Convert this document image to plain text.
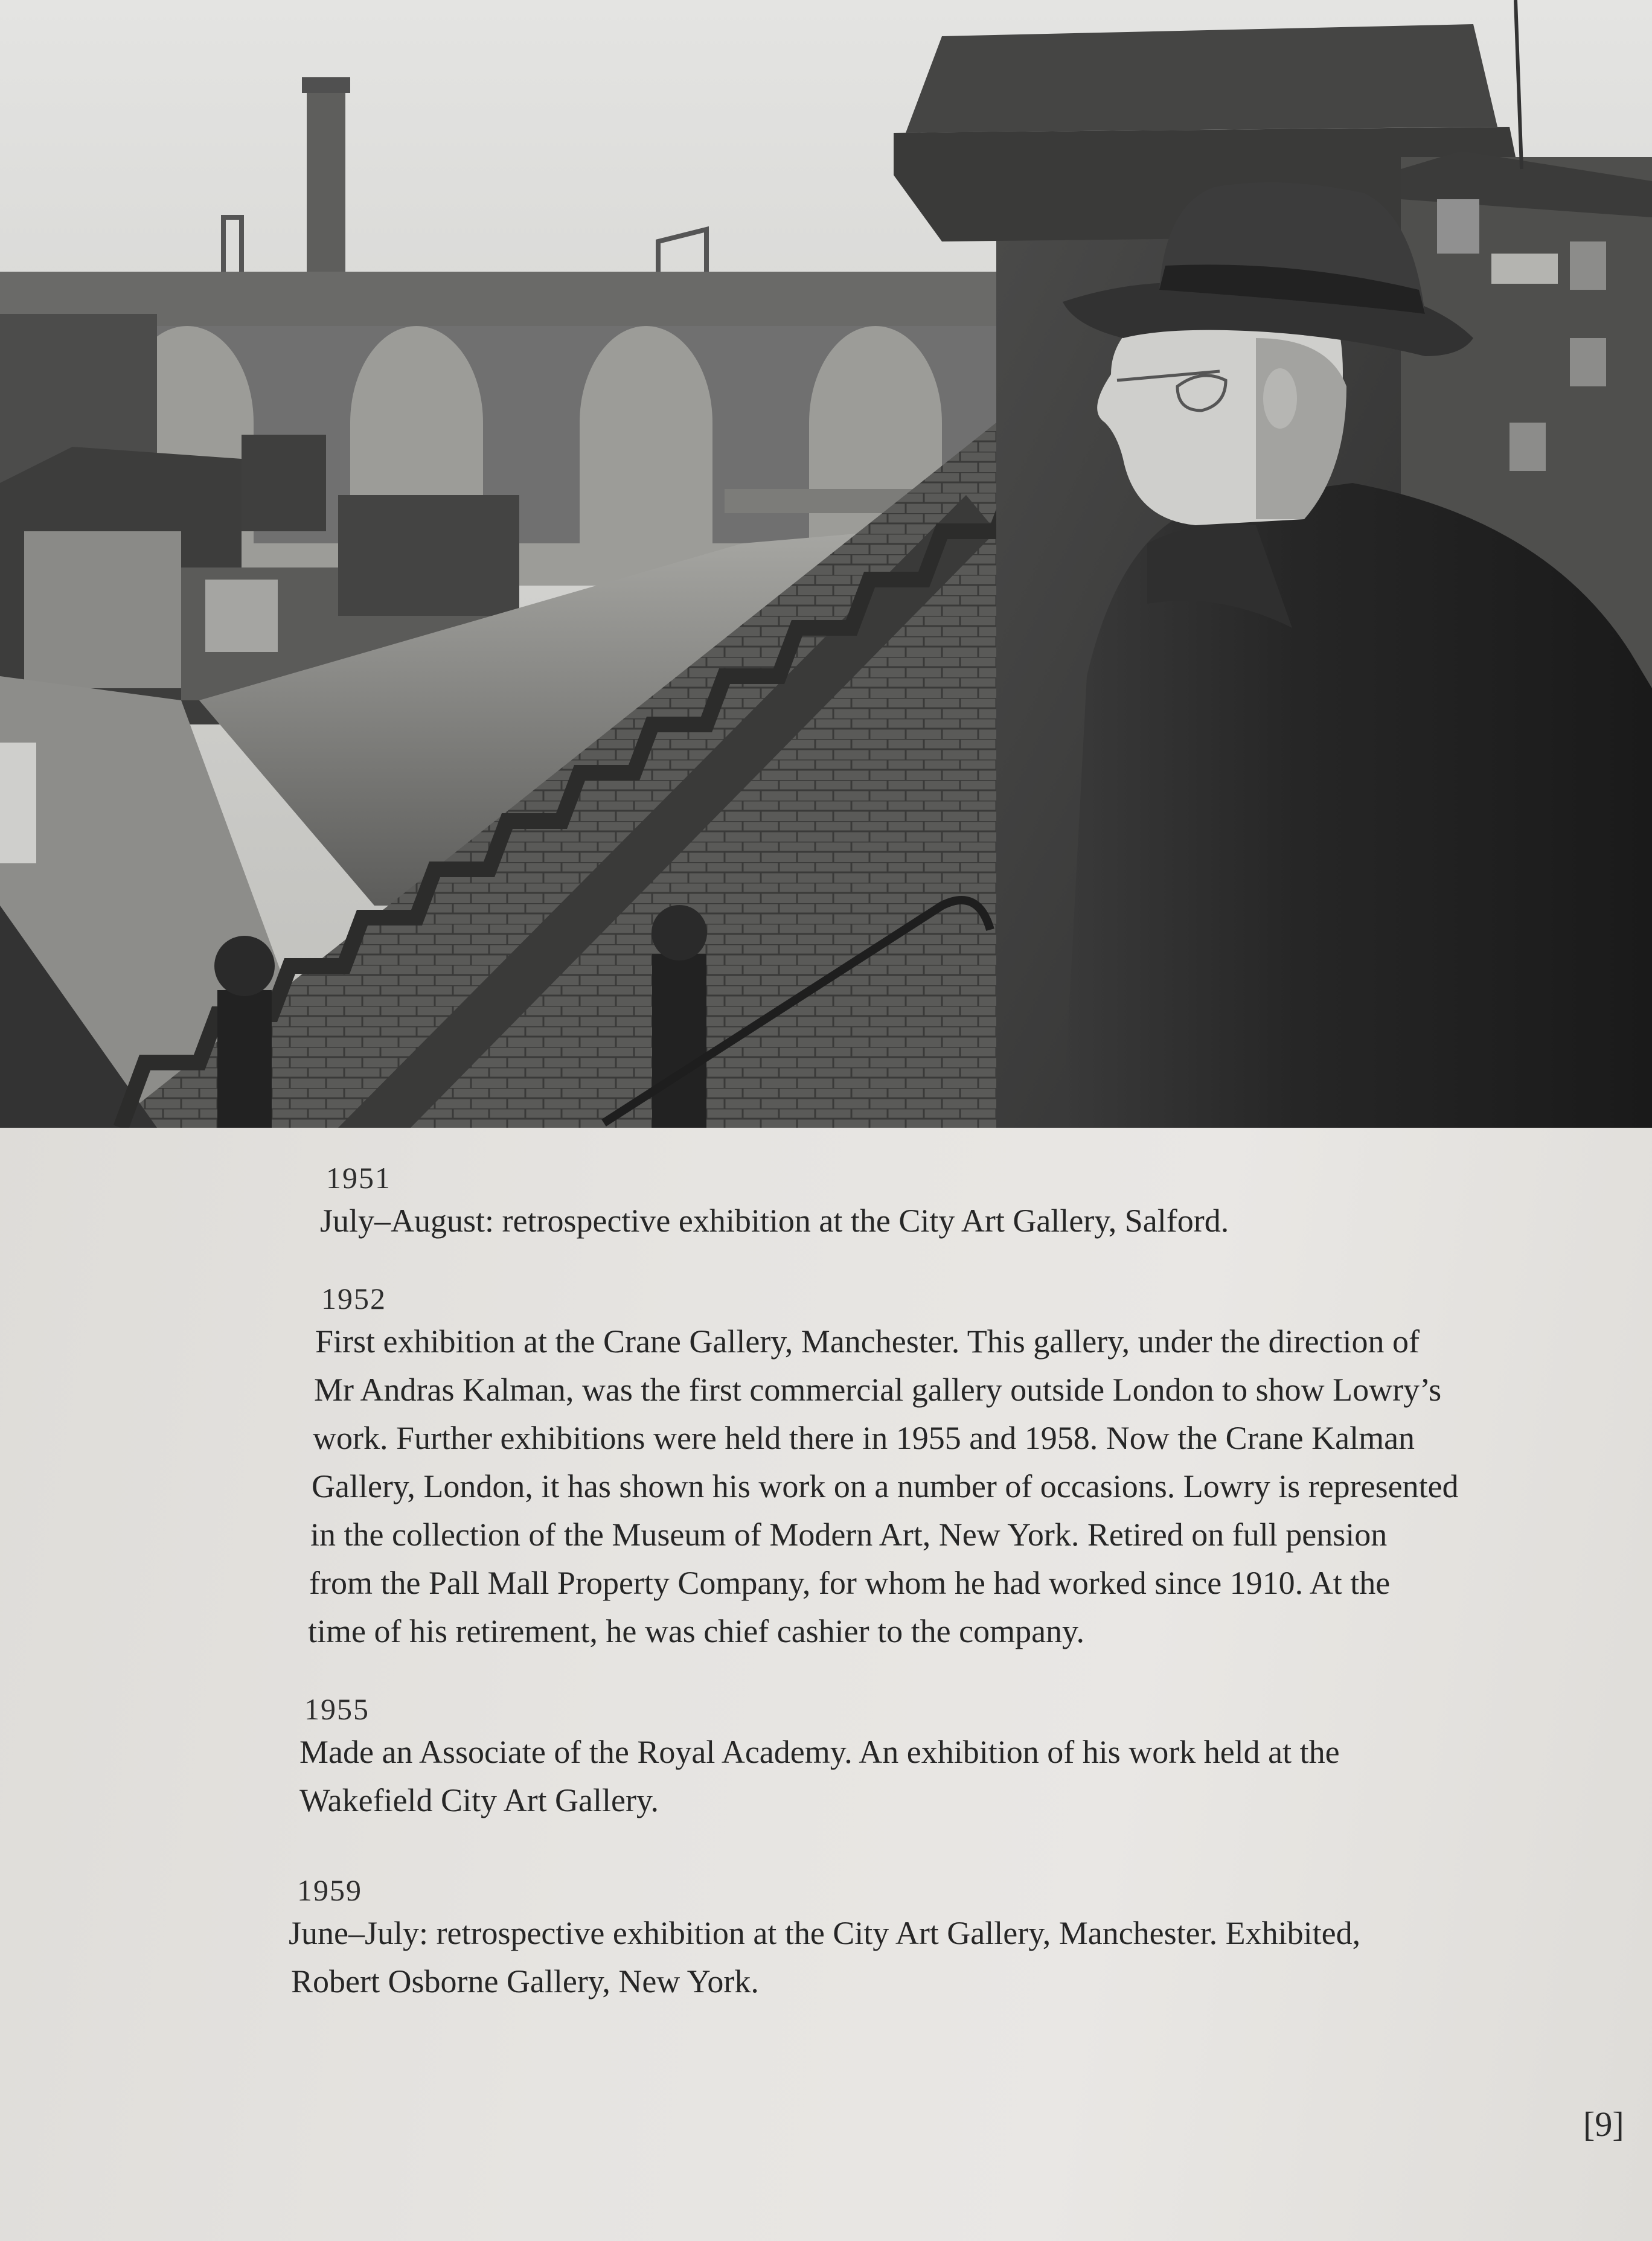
1951
July–August: retrospective exhibition at the City Art Gallery, Salford.
1952
First exhibition at the Crane Gallery, Manchester. This gallery, under the direction of
Mr Andras Kalman, was the first commercial gallery outside London to show Lowry’s
work. Further exhibitions were held there in 1955 and 1958. Now the Crane Kalman
Gallery, London, it has shown his work on a number of occasions. Lowry is represented
in the collection of the Museum of Modern Art, New York. Retired on full pension
from the Pall Mall Property Company, for whom he had worked since 1910. At the
time of his retirement, he was chief cashier to the company.
1955
Made an Associate of the Royal Academy. An exhibition of his work held at the
Wakefield City Art Gallery.
1959
June–July: retrospective exhibition at the City Art Gallery, Manchester. Exhibited,
Robert Osborne Gallery, New York.
[9]
